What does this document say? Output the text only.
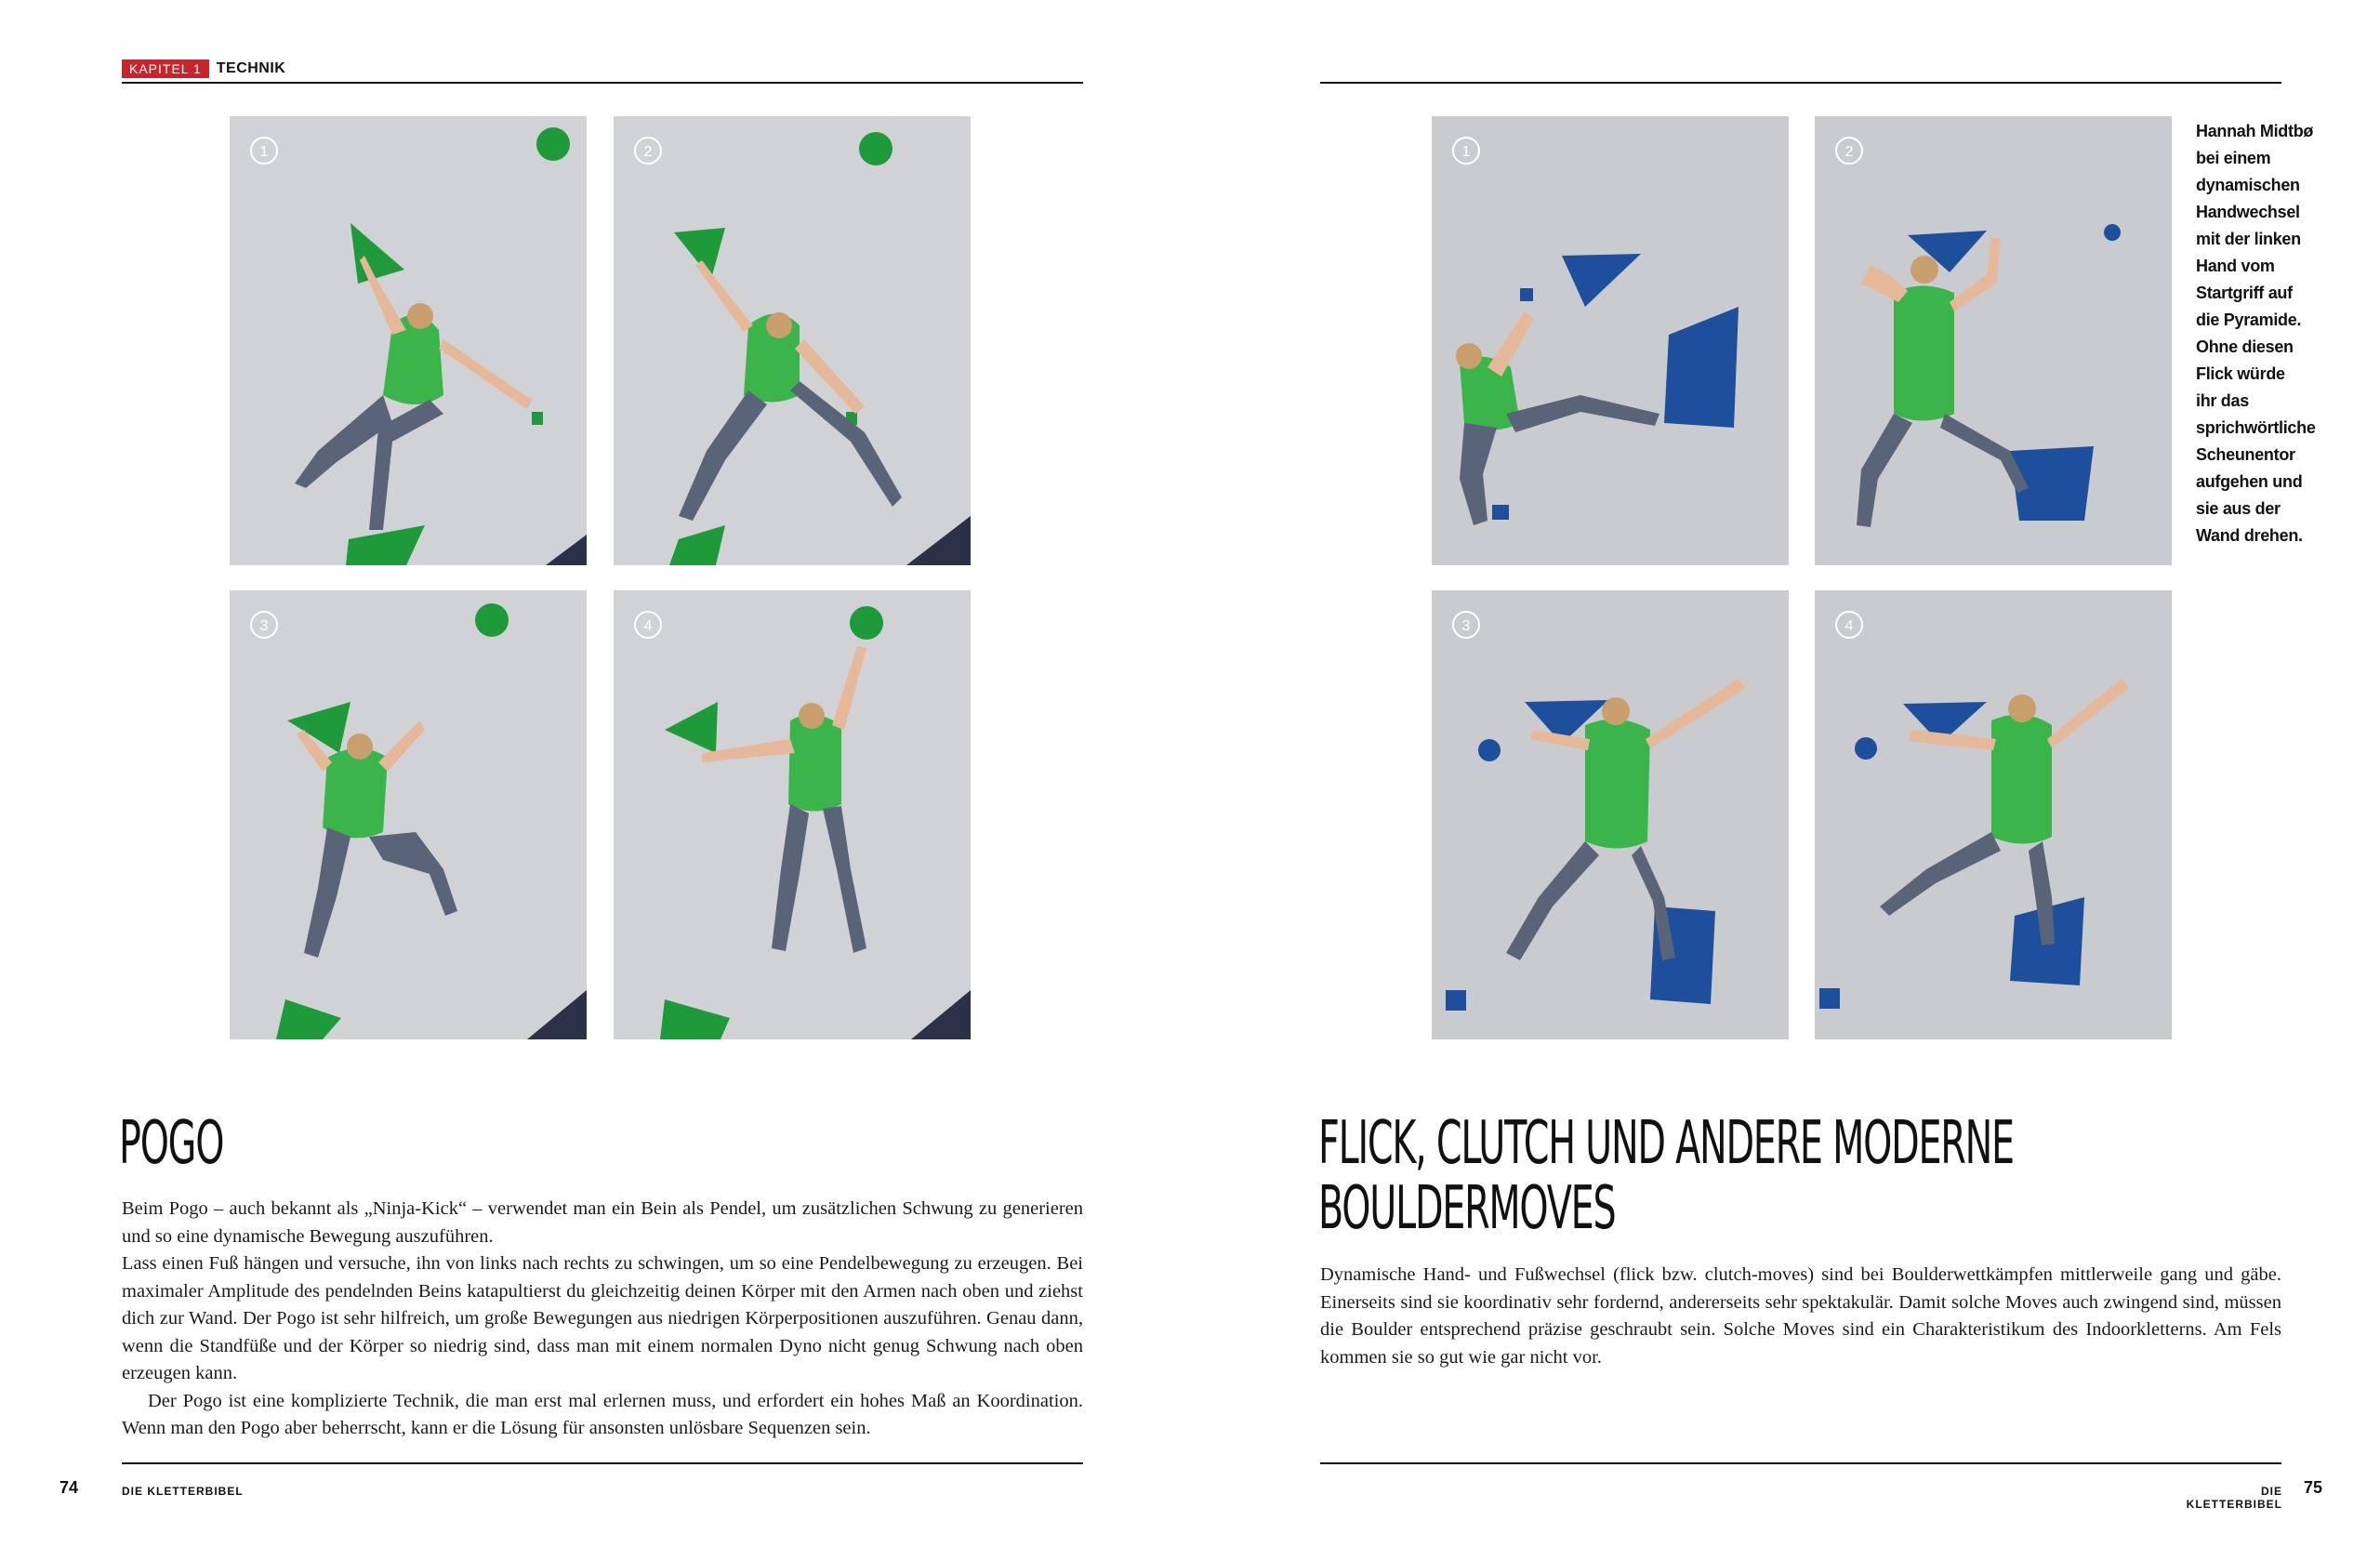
KAPITEL 1	TECHNIK
1	2
3	4
1	2
3	4
Hannah Midtbø
bei einem
dynamischen
Handwechsel
mit der linken
Hand vom
Startgriff auf
die Pyramide.
Ohne diesen
Flick würde
ihr das
sprichwörtliche
Scheunentor
aufgehen und
sie aus der
Wand drehen.
POGO

Beim Pogo – auch bekannt als „Ninja-Kick“ – verwendet man ein Bein als Pendel, um zusätzlichen Schwung zu generieren und so eine dynamische Bewegung auszuführen.

Lass einen Fuß hängen und versuche, ihn von links nach rechts zu schwingen, um so eine Pendelbewegung zu erzeugen. Bei maximaler Amplitude des pendelnden Beins katapultierst du gleichzeitig deinen Körper mit den Armen nach oben und ziehst dich zur Wand. Der Pogo ist sehr hilfreich, um große Bewegungen aus niedrigen Körperpositionen auszuführen. Genau dann, wenn die Standfüße und der Körper so niedrig sind, dass man mit einem normalen Dyno nicht genug Schwung nach oben erzeugen kann.

Der Pogo ist eine komplizierte Technik, die man erst mal erlernen muss, und erfordert ein hohes Maß an Koordination. Wenn man den Pogo aber beherrscht, kann er die Lösung für ansonsten unlösbare Sequenzen sein.

FLICK, CLUTCH UND ANDERE MODERNE
BOULDERMOVES

Dynamische Hand- und Fußwechsel (flick bzw. clutch-moves) sind bei Boulderwettkämpfen mittlerweile gang und gäbe. Einerseits sind sie koordinativ sehr fordernd, andererseits sehr spektakulär. Damit solche Moves auch zwingend sind, müssen die Boulder entsprechend präzise geschraubt sein. Solche Moves sind ein Charakteristikum des Indoorkletterns. Am Fels kommen sie so gut wie gar nicht vor.

74	DIE KLETTERBIBEL	DIE KLETTERBIBEL
75
